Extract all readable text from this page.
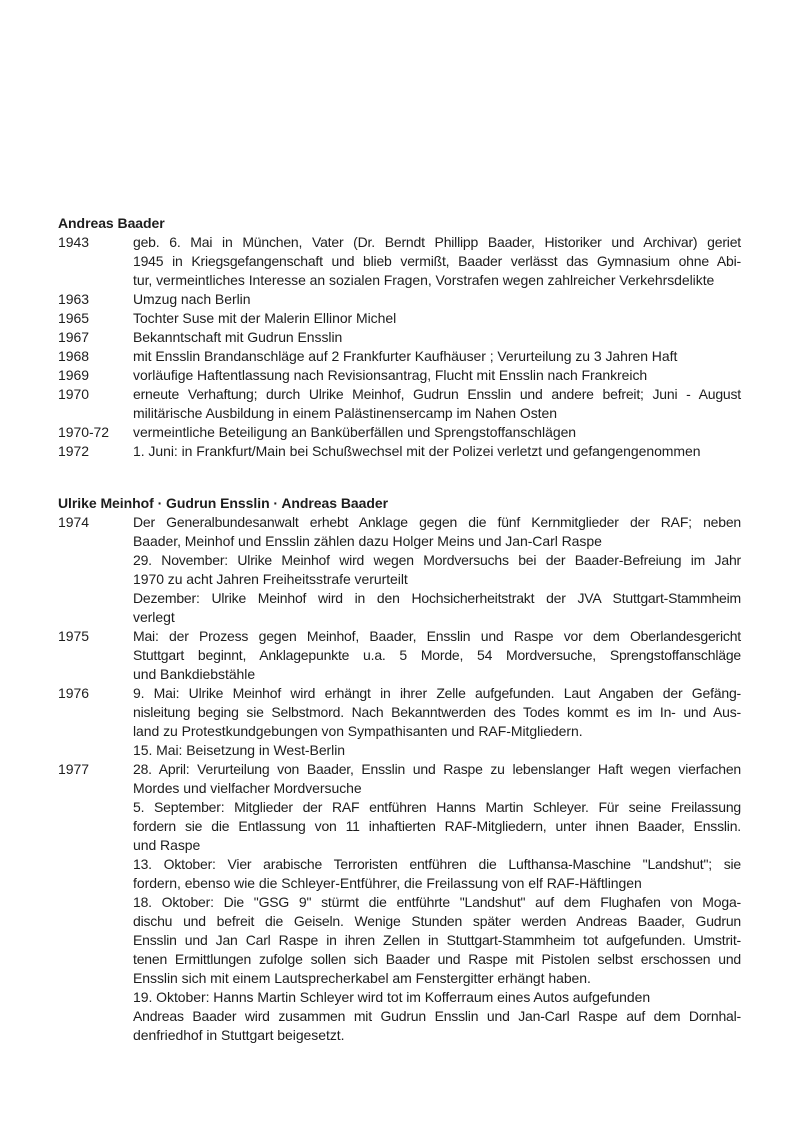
Andreas Baader
1943	geb. 6. Mai in München, Vater (Dr. Berndt Phillipp Baader, Historiker und Archivar) geriet
1945 in Kriegsgefangenschaft und blieb vermißt, Baader verlässt das Gymnasium ohne Abi-
tur, vermeintliches Interesse an sozialen Fragen, Vorstrafen wegen zahlreicher Verkehrsdelikte
1963	Umzug nach Berlin
1965	Tochter Suse mit der Malerin Ellinor Michel
1967	Bekanntschaft mit Gudrun Ensslin
1968	mit Ensslin Brandanschläge auf 2 Frankfurter Kaufhäuser ; Verurteilung zu 3 Jahren Haft
1969	vorläufige Haftentlassung nach Revisionsantrag, Flucht mit Ensslin nach Frankreich
1970	erneute Verhaftung; durch Ulrike Meinhof, Gudrun Ensslin und andere befreit; Juni - August
militärische Ausbildung in einem Palästinensercamp im Nahen Osten
1970-72	vermeintliche Beteiligung an Banküberfällen und Sprengstoffanschlägen
1972	1. Juni: in Frankfurt/Main bei Schußwechsel mit der Polizei verletzt und gefangengenommen
Ulrike Meinhof · Gudrun Ensslin · Andreas Baader
1974	Der Generalbundesanwalt erhebt Anklage gegen die fünf Kernmitglieder der RAF; neben
Baader, Meinhof und Ensslin zählen dazu Holger Meins und Jan-Carl Raspe
29. November: Ulrike Meinhof wird wegen Mordversuchs bei der Baader-Befreiung im Jahr
1970 zu acht Jahren Freiheitsstrafe verurteilt
Dezember: Ulrike Meinhof wird in den Hochsicherheitstrakt der JVA Stuttgart-Stammheim
verlegt
1975	Mai: der Prozess gegen Meinhof, Baader, Ensslin und Raspe vor dem Oberlandesgericht
Stuttgart beginnt, Anklagepunkte u.a. 5 Morde, 54 Mordversuche, Sprengstoffanschläge
und Bankdiebstähle
1976	9. Mai: Ulrike Meinhof wird erhängt in ihrer Zelle aufgefunden. Laut Angaben der Gefäng-
nisleitung beging sie Selbstmord. Nach Bekanntwerden des Todes kommt es im In- und Aus-
land zu Protestkundgebungen von Sympathisanten und RAF-Mitgliedern.
15. Mai: Beisetzung in West-Berlin
1977	28. April: Verurteilung von Baader, Ensslin und Raspe zu lebenslanger Haft wegen vierfachen
Mordes und vielfacher Mordversuche
5. September: Mitglieder der RAF entführen Hanns Martin Schleyer. Für seine Freilassung
fordern sie die Entlassung von 11 inhaftierten RAF-Mitgliedern, unter ihnen Baader, Ensslin.
und Raspe
13. Oktober: Vier arabische Terroristen entführen die Lufthansa-Maschine "Landshut"; sie
fordern, ebenso wie die Schleyer-Entführer, die Freilassung von elf RAF-Häftlingen
18. Oktober: Die "GSG 9" stürmt die entführte "Landshut" auf dem Flughafen von Moga-
dischu und befreit die Geiseln. Wenige Stunden später werden Andreas Baader, Gudrun
Ensslin und Jan Carl Raspe in ihren Zellen in Stuttgart-Stammheim tot aufgefunden. Umstrit-
tenen Ermittlungen zufolge sollen sich Baader und Raspe mit Pistolen selbst erschossen und
Ensslin sich mit einem Lautsprecherkabel am Fenstergitter erhängt haben.
19. Oktober: Hanns Martin Schleyer wird tot im Kofferraum eines Autos aufgefunden
Andreas Baader wird zusammen mit Gudrun Ensslin und Jan-Carl Raspe auf dem Dornhal-
denfriedhof in Stuttgart beigesetzt.
